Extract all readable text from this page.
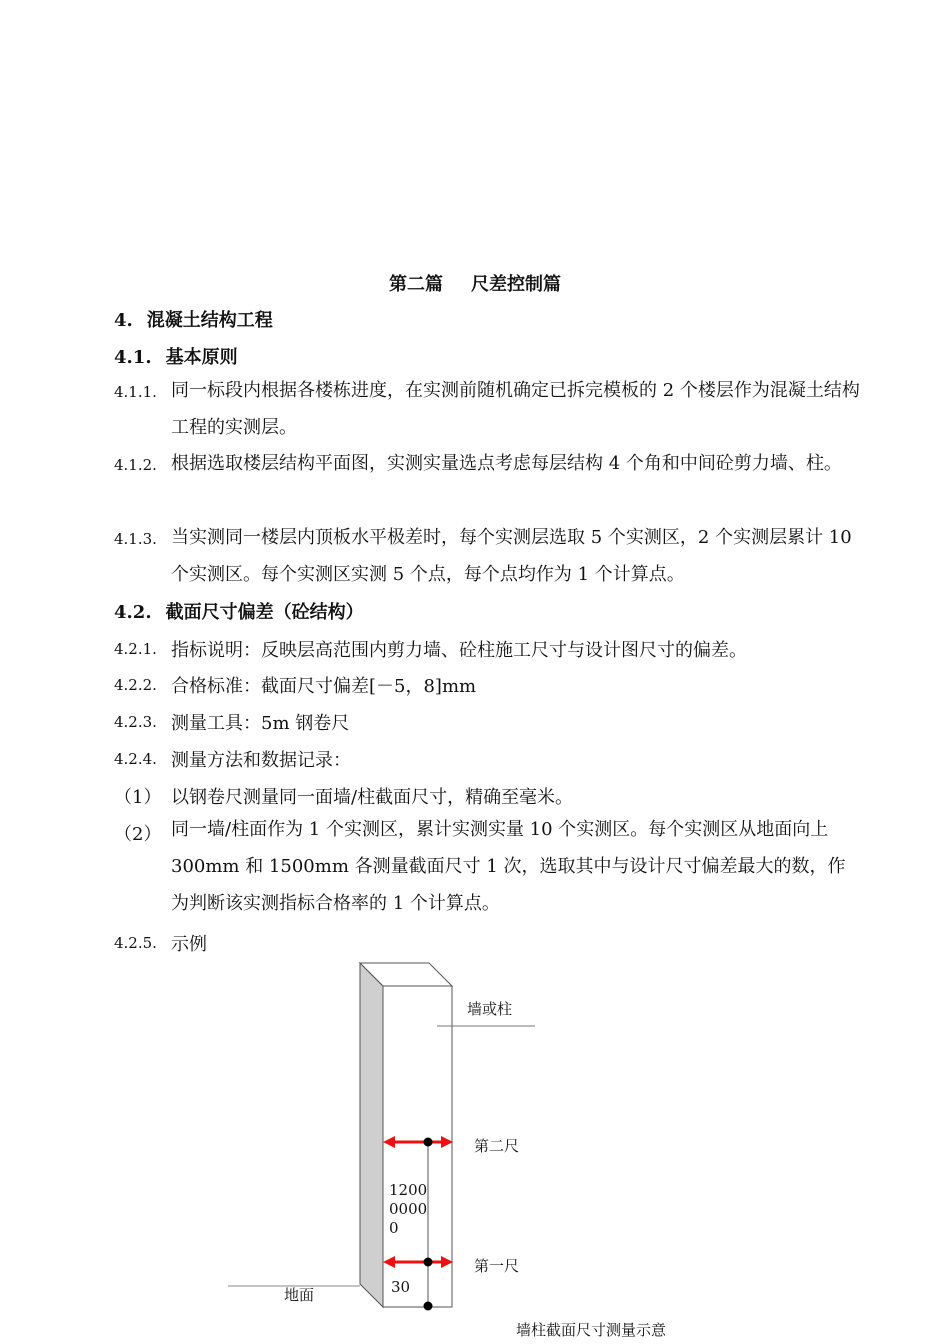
第二篇 尺差控制篇
4. 混凝土结构工程
4.1. 基本原则
4.1.1. 同一标段内根据各楼栋进度，在实测前随机确定已拆完模板的 2 个楼层作为混凝土结构工程的实测层。
4.1.2. 根据选取楼层结构平面图，实测实量选点考虑每层结构 4 个角和中间砼剪力墙、柱。
4.1.3. 当实测同一楼层内顶板水平极差时，每个实测层选取 5 个实测区，2 个实测层累计 10 个实测区。每个实测区实测 5 个点，每个点均作为 1 个计算点。
4.2. 截面尺寸偏差（砼结构）
4.2.1. 指标说明：反映层高范围内剪力墙、砼柱施工尺寸与设计图尺寸的偏差。
4.2.2. 合格标准：截面尺寸偏差[－5，8]mm
4.2.3. 测量工具：5m 钢卷尺
4.2.4. 测量方法和数据记录：
（1） 以钢卷尺测量同一面墙/柱截面尺寸，精确至毫米。
（2） 同一墙/柱面作为 1 个实测区，累计实测实量 10 个实测区。每个实测区从地面向上 300mm 和 1500mm 各测量截面尺寸 1 次，选取其中与设计尺寸偏差最大的数，作为判断该实测指标合格率的 1 个计算点。
4.2.5. 示例
墙或柱
第二尺
第一尺
地面
1200
0000
0
30
墙柱截面尺寸测量示意
